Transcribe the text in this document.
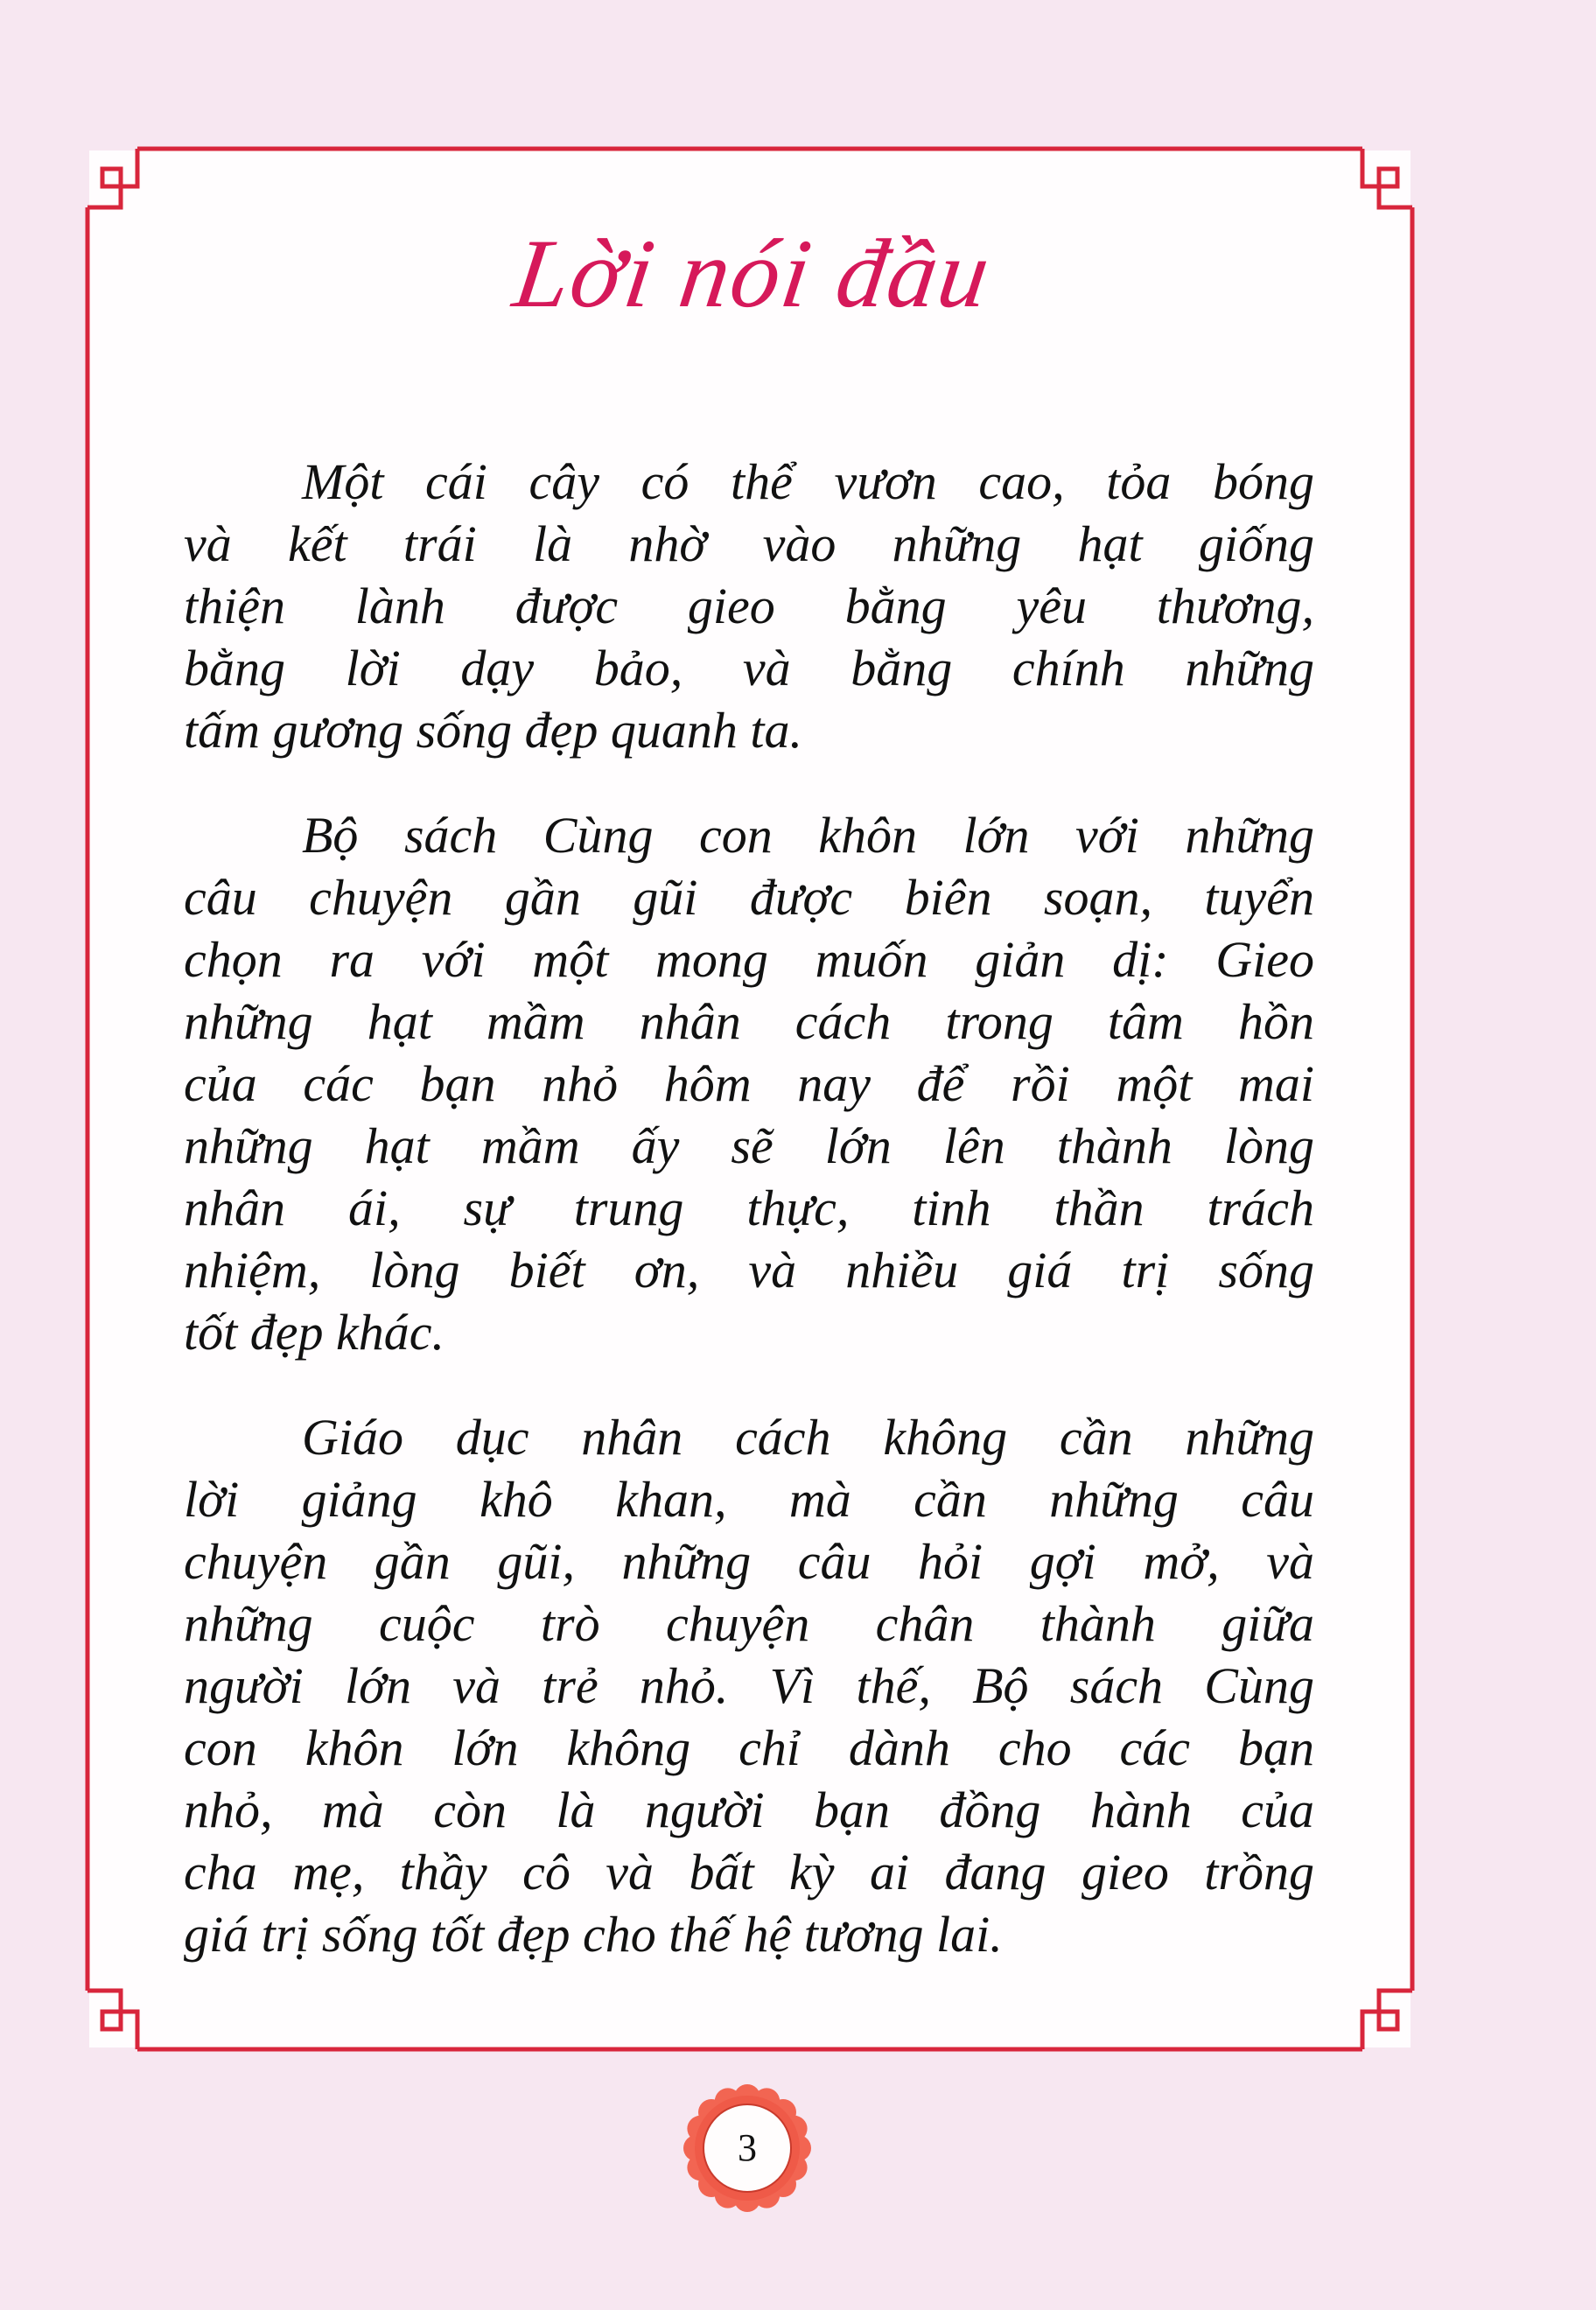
Lời nói đầu
Một cái cây có thể vươn cao, tỏa bóng
và kết trái là nhờ vào những hạt giống
thiện lành được gieo bằng yêu thương,
bằng lời dạy bảo, và bằng chính những
tấm gương sống đẹp quanh ta.
Bộ sách Cùng con khôn lớn với những
câu chuyện gần gũi được biên soạn, tuyển
chọn ra với một mong muốn giản dị: Gieo
những hạt mầm nhân cách trong tâm hồn
của các bạn nhỏ hôm nay để rồi một mai
những hạt mầm ấy sẽ lớn lên thành lòng
nhân ái, sự trung thực, tinh thần trách
nhiệm, lòng biết ơn, và nhiều giá trị sống
tốt đẹp khác.
Giáo dục nhân cách không cần những
lời giảng khô khan, mà cần những câu
chuyện gần gũi, những câu hỏi gợi mở, và
những cuộc trò chuyện chân thành giữa
người lớn và trẻ nhỏ. Vì thế, Bộ sách Cùng
con khôn lớn không chỉ dành cho các bạn
nhỏ, mà còn là người bạn đồng hành của
cha mẹ, thầy cô và bất kỳ ai đang gieo trồng
giá trị sống tốt đẹp cho thế hệ tương lai.
3
